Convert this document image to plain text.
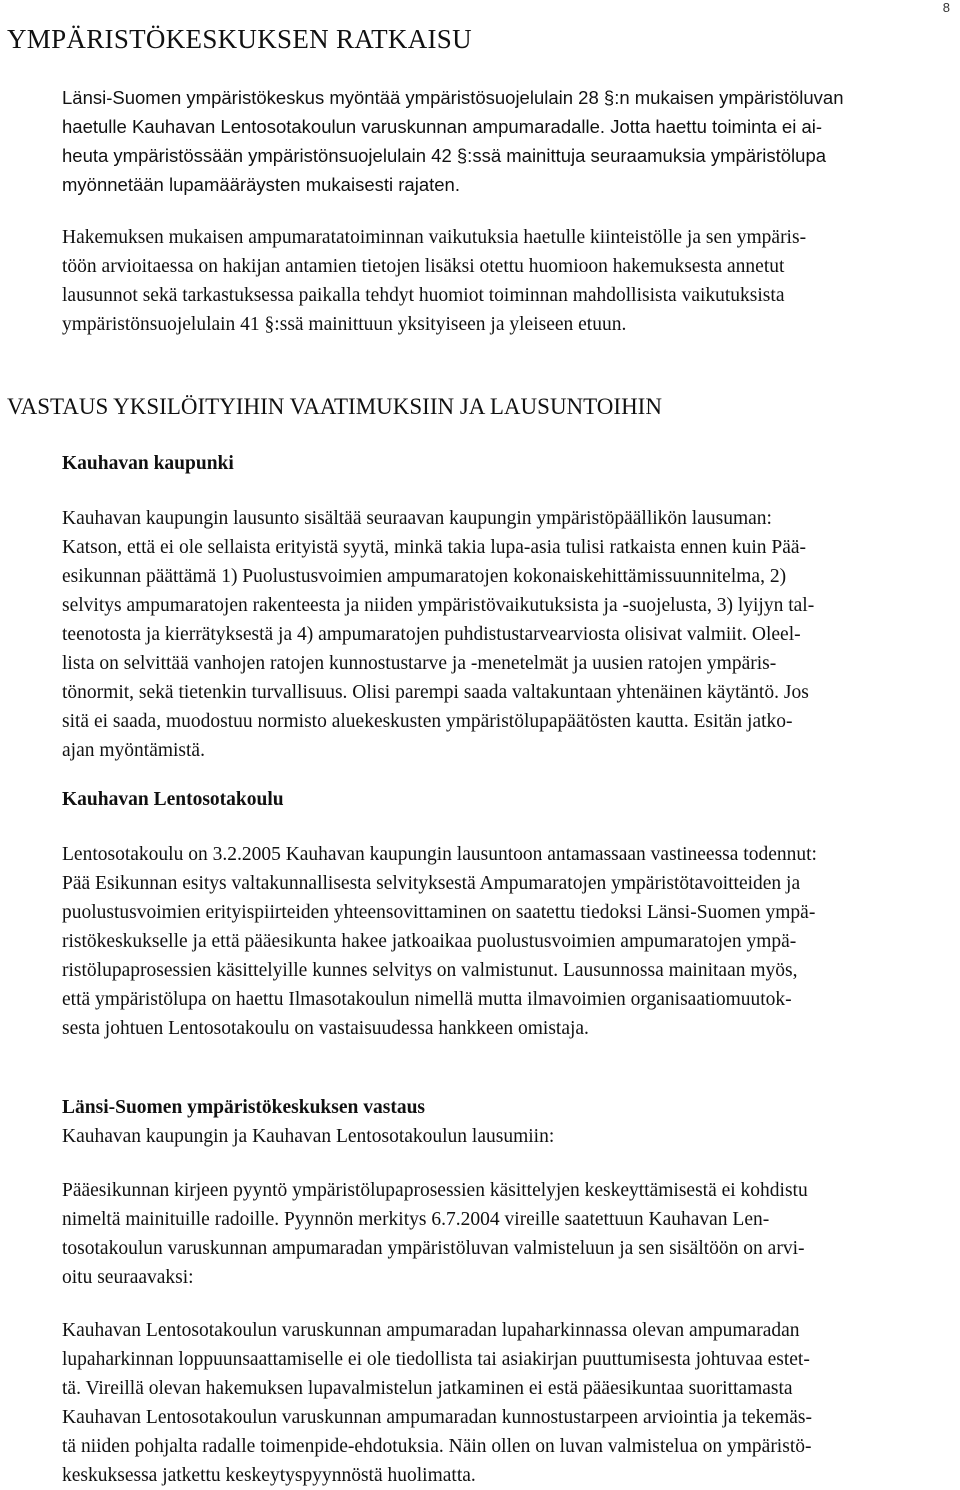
8
YMPÄRISTÖKESKUKSEN RATKAISU

Länsi-Suomen ympäristökeskus myöntää ympäristösuojelulain 28 §:n mukaisen ympäristöluvan
haetulle Kauhavan Lentosotakoulun varuskunnan ampumaradalle. Jotta haettu toiminta ei ai-
heuta ympäristössään ympäristönsuojelulain 42 §:ssä mainittuja seuraamuksia ympäristölupa
myönnetään lupamääräysten mukaisesti rajaten.

Hakemuksen mukaisen ampumaratatoiminnan vaikutuksia haetulle kiinteistölle ja sen ympäris-
töön arvioitaessa on hakijan antamien tietojen lisäksi otettu huomioon hakemuksesta annetut
lausunnot sekä tarkastuksessa paikalla tehdyt huomiot toiminnan mahdollisista vaikutuksista
ympäristönsuojelulain 41 §:ssä mainittuun yksityiseen ja yleiseen etuun.

VASTAUS YKSILÖITYIHIN VAATIMUKSIIN JA LAUSUNTOIHIN
Kauhavan kaupunki

Kauhavan kaupungin lausunto sisältää seuraavan kaupungin ympäristöpäällikön lausuman:
Katson, että ei ole sellaista erityistä syytä, minkä takia lupa-asia tulisi ratkaista ennen kuin Pää-
esikunnan päättämä 1) Puolustusvoimien ampumaratojen kokonaiskehittämissuunnitelma, 2)
selvitys ampumaratojen rakenteesta ja niiden ympäristövaikutuksista ja -suojelusta, 3) lyijyn tal-
teenotosta ja kierrätyksestä ja 4) ampumaratojen puhdistustarvearviosta olisivat valmiit. Oleel-
lista on selvittää vanhojen ratojen kunnostustarve ja -menetelmät ja uusien ratojen ympäris-
tönormit, sekä tietenkin turvallisuus. Olisi parempi saada valtakuntaan yhtenäinen käytäntö. Jos
sitä ei saada, muodostuu normisto aluekeskusten ympäristölupapäätösten kautta. Esitän jatko-
ajan myöntämistä.

Kauhavan Lentosotakoulu

Lentosotakoulu on 3.2.2005 Kauhavan kaupungin lausuntoon antamassaan vastineessa todennut:
Pää Esikunnan esitys valtakunnallisesta selvityksestä Ampumaratojen ympäristötavoitteiden ja
puolustusvoimien erityispiirteiden yhteensovittaminen on saatettu tiedoksi Länsi-Suomen ympä-
ristökeskukselle ja että pääesikunta hakee jatkoaikaa puolustusvoimien ampumaratojen ympä-
ristölupaprosessien käsittelyille kunnes selvitys on valmistunut. Lausunnossa mainitaan myös,
että ympäristölupa on haettu Ilmasotakoulun nimellä mutta ilmavoimien organisaatiomuutok-
sesta johtuen Lentosotakoulu on vastaisuudessa hankkeen omistaja.

Länsi-Suomen ympäristökeskuksen vastaus

Kauhavan kaupungin ja Kauhavan Lentosotakoulun lausumiin:

Pääesikunnan kirjeen pyyntö ympäristölupaprosessien käsittelyjen keskeyttämisestä ei kohdistu
nimeltä mainituille radoille. Pyynnön merkitys 6.7.2004 vireille saatettuun Kauhavan Len-
tosotakoulun varuskunnan ampumaradan ympäristöluvan valmisteluun ja sen sisältöön on arvi-
oitu seuraavaksi:

Kauhavan Lentosotakoulun varuskunnan ampumaradan lupaharkinnassa olevan ampumaradan
lupaharkinnan loppuunsaattamiselle ei ole tiedollista tai asiakirjan puuttumisesta johtuvaa estet-
tä. Vireillä olevan hakemuksen lupavalmistelun jatkaminen ei estä pääesikuntaa suorittamasta
Kauhavan Lentosotakoulun varuskunnan ampumaradan kunnostustarpeen arviointia ja tekemäs-
tä niiden pohjalta radalle toimenpide-ehdotuksia. Näin ollen on luvan valmistelua on ympäristö-
keskuksessa jatkettu keskeytyspyynnöstä huolimatta.
